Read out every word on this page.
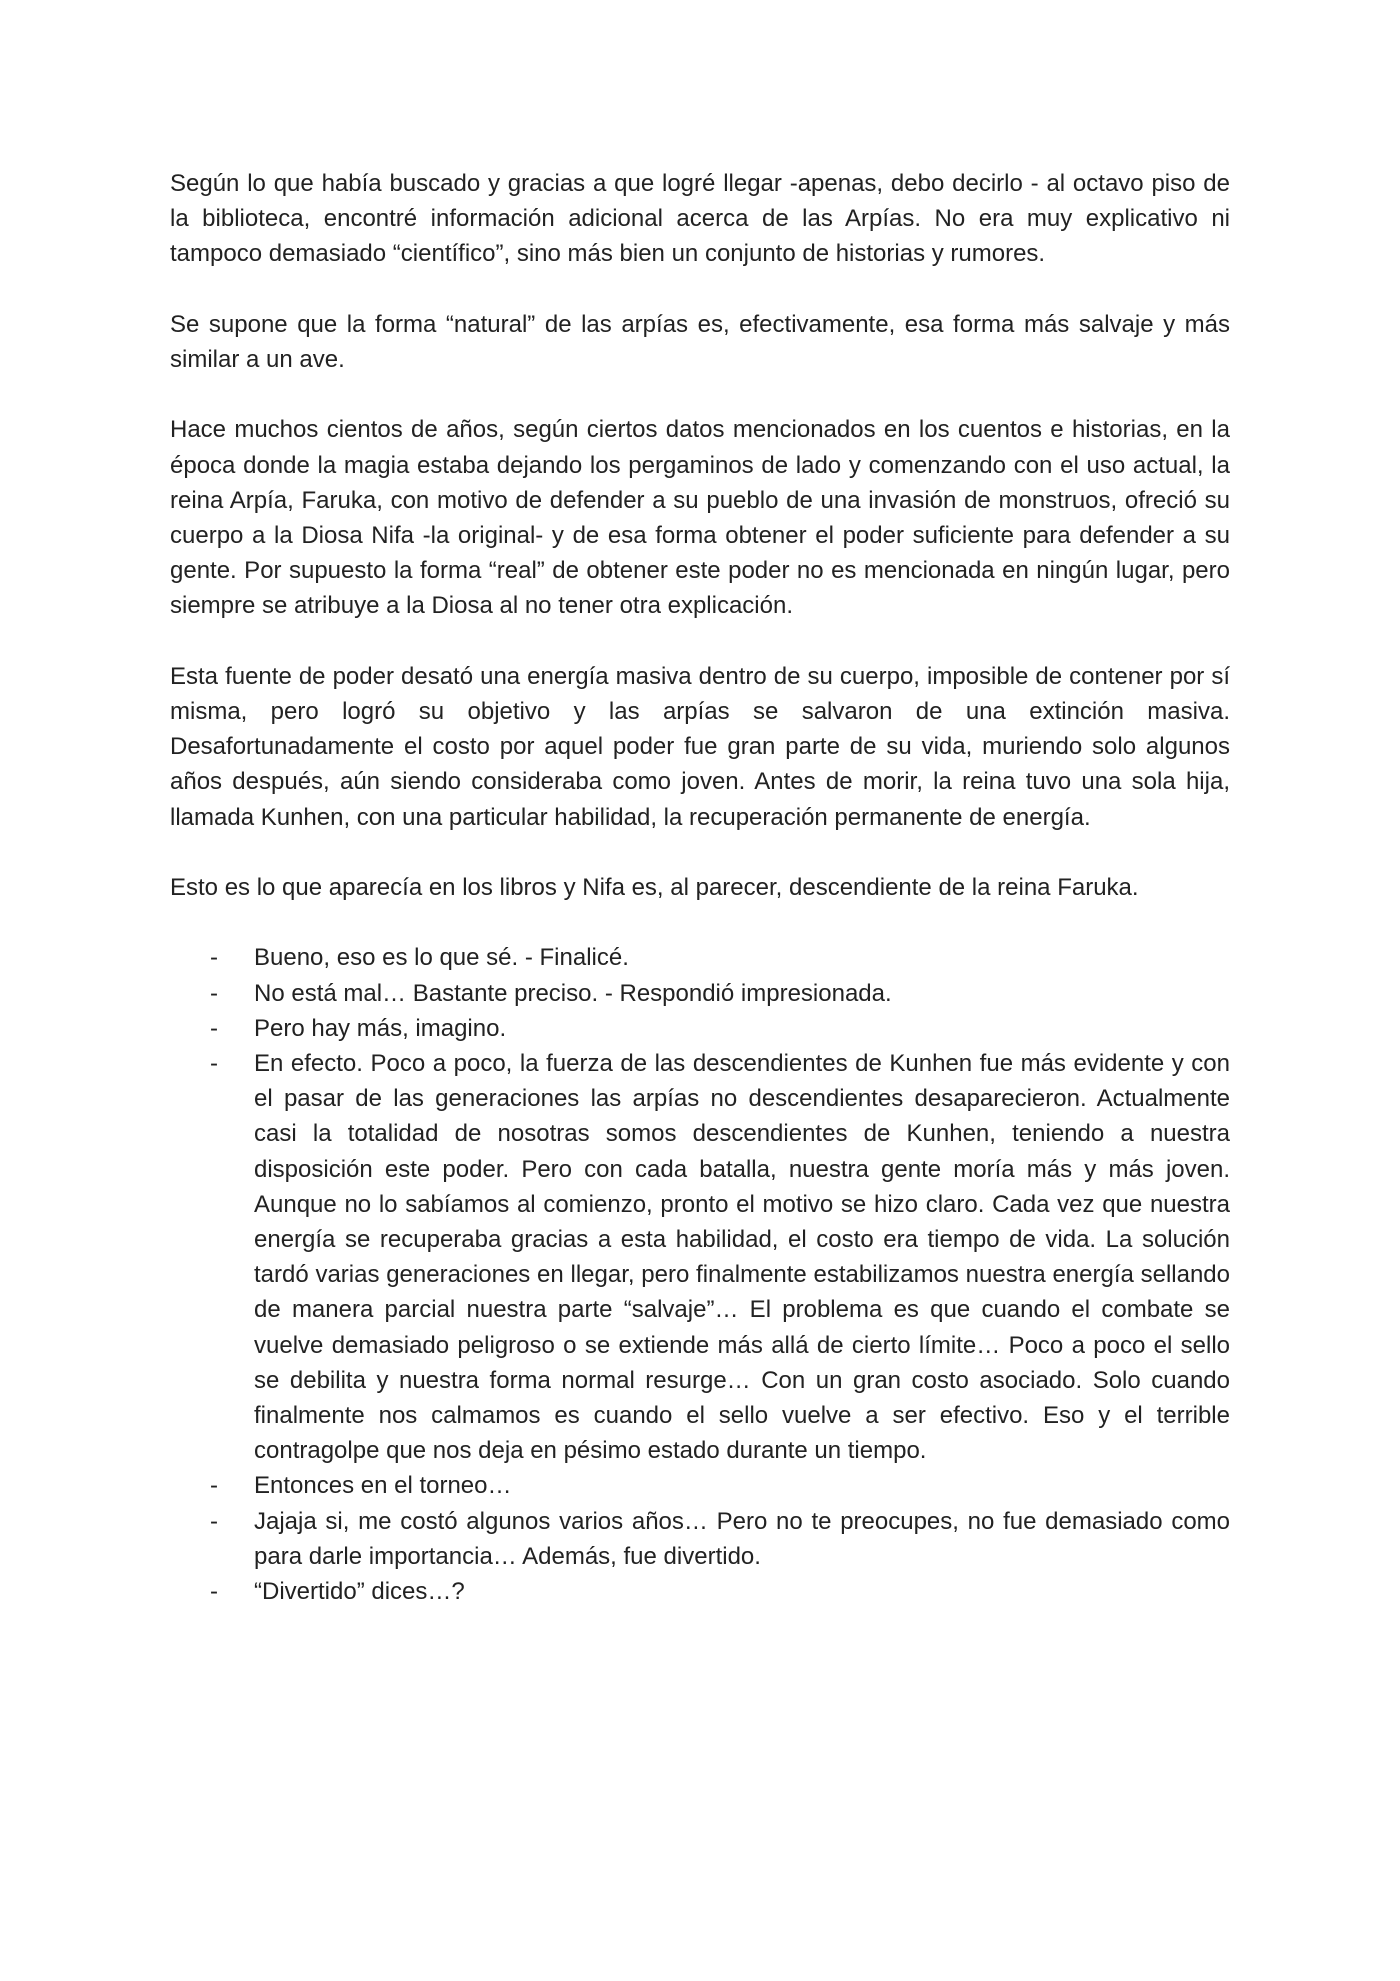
Según lo que había buscado y gracias a que logré llegar -apenas, debo decirlo - al octavo piso de la biblioteca, encontré información adicional acerca de las Arpías. No era muy explicativo ni tampoco demasiado “científico”, sino más bien un conjunto de historias y rumores.

Se supone que la forma “natural” de las arpías es, efectivamente, esa forma más salvaje y más similar a un ave.

Hace muchos cientos de años, según ciertos datos mencionados en los cuentos e historias, en la época donde la magia estaba dejando los pergaminos de lado y comenzando con el uso actual, la reina Arpía, Faruka, con motivo de defender a su pueblo de una invasión de monstruos, ofreció su cuerpo a la Diosa Nifa -la original- y de esa forma obtener el poder suficiente para defender a su gente. Por supuesto la forma “real” de obtener este poder no es mencionada en ningún lugar, pero siempre se atribuye a la Diosa al no tener otra explicación.

Esta fuente de poder desató una energía masiva dentro de su cuerpo, imposible de contener por sí misma, pero logró su objetivo y las arpías se salvaron de una extinción masiva. Desafortunadamente el costo por aquel poder fue gran parte de su vida, muriendo solo algunos años después, aún siendo consideraba como joven. Antes de morir, la reina tuvo una sola hija, llamada Kunhen, con una particular habilidad, la recuperación permanente de energía.

Esto es lo que aparecía en los libros y Nifa es, al parecer, descendiente de la reina Faruka.

- Bueno, eso es lo que sé. - Finalicé.
- No está mal… Bastante preciso. - Respondió impresionada.
- Pero hay más, imagino.
- En efecto. Poco a poco, la fuerza de las descendientes de Kunhen fue más evidente y con el pasar de las generaciones las arpías no descendientes desaparecieron. Actualmente casi la totalidad de nosotras somos descendientes de Kunhen, teniendo a nuestra disposición este poder. Pero con cada batalla, nuestra gente moría más y más joven. Aunque no lo sabíamos al comienzo, pronto el motivo se hizo claro. Cada vez que nuestra energía se recuperaba gracias a esta habilidad, el costo era tiempo de vida. La solución tardó varias generaciones en llegar, pero finalmente estabilizamos nuestra energía sellando de manera parcial nuestra parte “salvaje”… El problema es que cuando el combate se vuelve demasiado peligroso o se extiende más allá de cierto límite… Poco a poco el sello se debilita y nuestra forma normal resurge… Con un gran costo asociado. Solo cuando finalmente nos calmamos es cuando el sello vuelve a ser efectivo. Eso y el terrible contragolpe que nos deja en pésimo estado durante un tiempo.
- Entonces en el torneo…
- Jajaja si, me costó algunos varios años… Pero no te preocupes, no fue demasiado como para darle importancia… Además, fue divertido.
- “Divertido” dices…?
